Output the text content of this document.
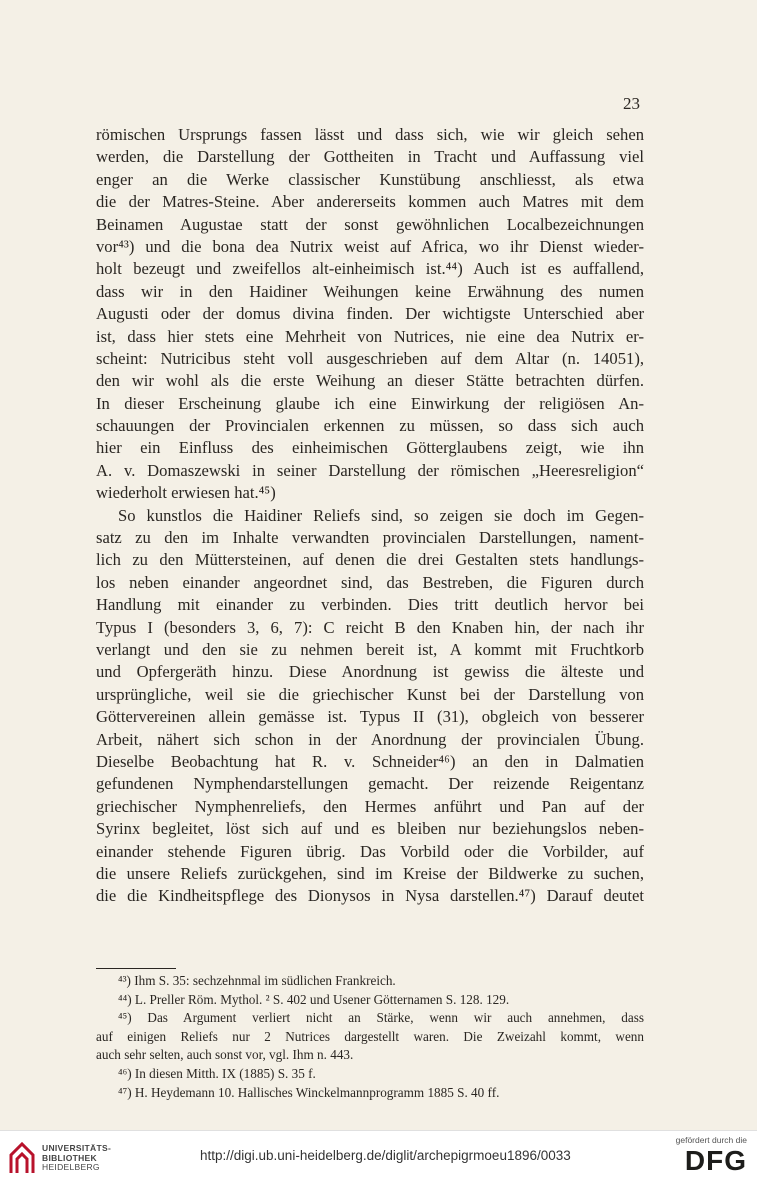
23
römischen Ursprungs fassen lässt und dass sich, wie wir gleich sehen
werden, die Darstellung der Gottheiten in Tracht und Auffassung viel
enger an die Werke classischer Kunstübung anschliesst, als etwa
die der Matres-Steine. Aber andererseits kommen auch Matres mit dem
Beinamen Augustae statt der sonst gewöhnlichen Localbezeichnungen
vor⁴³) und die bona dea Nutrix weist auf Africa, wo ihr Dienst wieder-
holt bezeugt und zweifellos alt-einheimisch ist.⁴⁴) Auch ist es auffallend,
dass wir in den Haidiner Weihungen keine Erwähnung des numen
Augusti oder der domus divina finden. Der wichtigste Unterschied aber
ist, dass hier stets eine Mehrheit von Nutrices, nie eine dea Nutrix er-
scheint: Nutricibus steht voll ausgeschrieben auf dem Altar (n. 14051),
den wir wohl als die erste Weihung an dieser Stätte betrachten dürfen.
In dieser Erscheinung glaube ich eine Einwirkung der religiösen An-
schauungen der Provincialen erkennen zu müssen, so dass sich auch
hier ein Einfluss des einheimischen Götterglaubens zeigt, wie ihn
A. v. Domaszewski in seiner Darstellung der römischen „Heeresreligion“
wiederholt erwiesen hat.⁴⁵)
So kunstlos die Haidiner Reliefs sind, so zeigen sie doch im Gegen-
satz zu den im Inhalte verwandten provincialen Darstellungen, nament-
lich zu den Müttersteinen, auf denen die drei Gestalten stets handlungs-
los neben einander angeordnet sind, das Bestreben, die Figuren durch
Handlung mit einander zu verbinden. Dies tritt deutlich hervor bei
Typus I (besonders 3, 6, 7): C reicht B den Knaben hin, der nach ihr
verlangt und den sie zu nehmen bereit ist, A kommt mit Fruchtkorb
und Opfergeräth hinzu. Diese Anordnung ist gewiss die älteste und
ursprüngliche, weil sie die griechischer Kunst bei der Darstellung von
Göttervereinen allein gemässe ist. Typus II (31), obgleich von besserer
Arbeit, nähert sich schon in der Anordnung der provincialen Übung.
Dieselbe Beobachtung hat R. v. Schneider⁴⁶) an den in Dalmatien
gefundenen Nymphendarstellungen gemacht. Der reizende Reigentanz
griechischer Nymphenreliefs, den Hermes anführt und Pan auf der
Syrinx begleitet, löst sich auf und es bleiben nur beziehungslos neben-
einander stehende Figuren übrig. Das Vorbild oder die Vorbilder, auf
die unsere Reliefs zurückgehen, sind im Kreise der Bildwerke zu suchen,
die die Kindheitspflege des Dionysos in Nysa darstellen.⁴⁷) Darauf deutet
⁴³) Ihm S. 35: sechzehnmal im südlichen Frankreich.
⁴⁴) L. Preller Röm. Mythol. ² S. 402 und Usener Götternamen S. 128. 129.
⁴⁵) Das Argument verliert nicht an Stärke, wenn wir auch annehmen, dass
auf einigen Reliefs nur 2 Nutrices dargestellt waren. Die Zweizahl kommt, wenn
auch sehr selten, auch sonst vor, vgl. Ihm n. 443.
⁴⁶) In diesen Mitth. IX (1885) S. 35 f.
⁴⁷) H. Heydemann 10. Hallisches Winckelmannprogramm 1885 S. 40 ff.
UNIVERSITÄTS-
BIBLIOTHEK
HEIDELBERG
http://digi.ub.uni-heidelberg.de/diglit/archepigrmoeu1896/0033
gefördert durch die
DFG
